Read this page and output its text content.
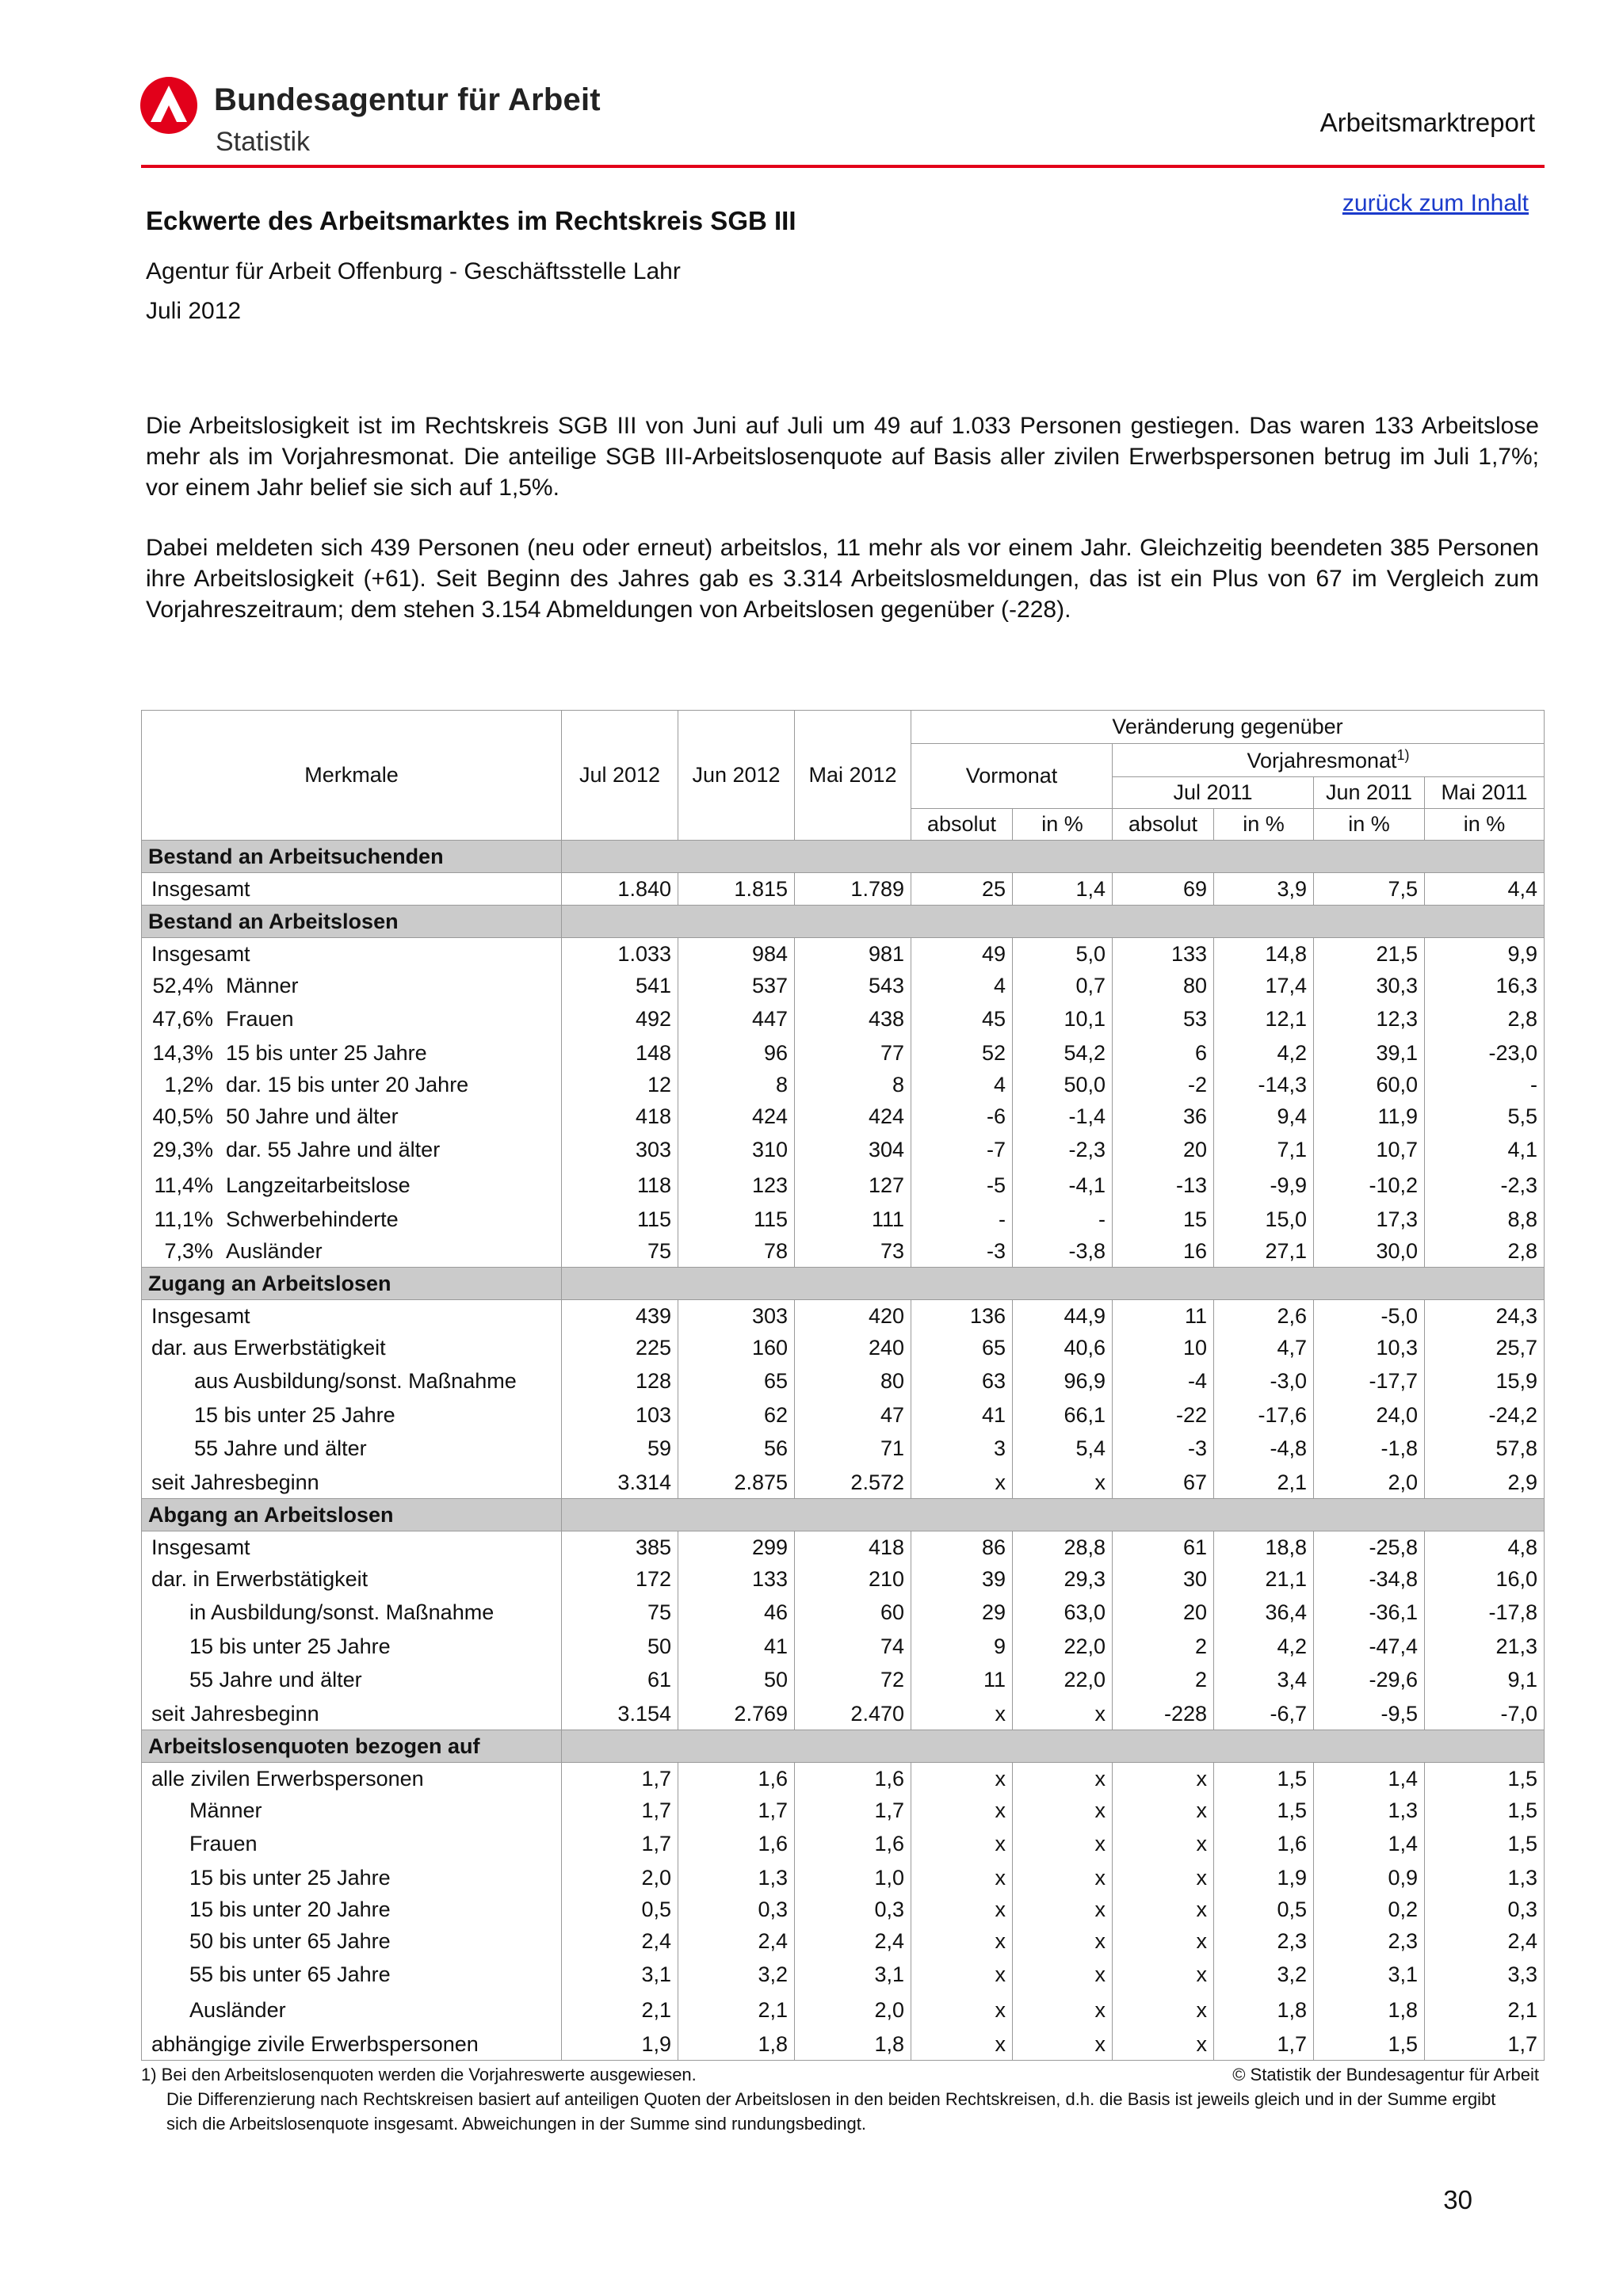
Bundesagentur für Arbeit
Statistik
Arbeitsmarktreport
zurück zum Inhalt
Eckwerte des Arbeitsmarktes im Rechtskreis SGB III
Agentur für Arbeit Offenburg - Geschäftsstelle Lahr
Juli 2012
Die Arbeitslosigkeit ist im Rechtskreis SGB III von Juni auf Juli um 49 auf 1.033 Personen gestiegen. Das waren 133 Arbeitslose mehr als im Vorjahresmonat. Die anteilige SGB III-Arbeitslosenquote auf Basis aller zivilen Erwerbspersonen betrug im Juli 1,7%; vor einem Jahr belief sie sich auf 1,5%.
Dabei meldeten sich 439 Personen (neu oder erneut) arbeitslos, 11 mehr als vor einem Jahr. Gleichzeitig beendeten 385 Personen ihre Arbeitslosigkeit (+61). Seit Beginn des Jahres gab es 3.314 Arbeitslosmeldungen, das ist ein Plus von 67 im Vergleich zum Vorjahreszeitraum; dem stehen 3.154 Abmeldungen von Arbeitslosen gegenüber (-228).
Merkmale	Jul 2012	Jun 2012	Mai 2012	Veränderung gegenüber					
				Vormonat		Vorjahresmonat$^{1)}$
						Jul 2011		Jun 2011	Mai 2011
				absolut	in %	absolut	in %	in %	in %
Bestand an Arbeitsuchenden									
Insgesamt	1.840	1.815	1.789	25	1,4	69	3,9	7,5	4,4
Bestand an Arbeitslosen									
Insgesamt	1.033	984	981	49	5,0	133	14,8	21,5	9,9
52,4% Männer	541	537	543	4	0,7	80	17,4	30,3	16,3
47,6% Frauen	492	447	438	45	10,1	53	12,1	12,3	2,8
14,3% 15 bis unter 25 Jahre	148	96	77	52	54,2	6	4,2	39,1	-23,0
1,2% dar. 15 bis unter 20 Jahre	12	8	8	4	50,0	-2	-14,3	60,0	-
40,5% 50 Jahre und älter	418	424	424	-6	-1,4	36	9,4	11,9	5,5
29,3% dar. 55 Jahre und älter	303	310	304	-7	-2,3	20	7,1	10,7	4,1
11,4% Langzeitarbeitslose	118	123	127	-5	-4,1	-13	-9,9	-10,2	-2,3
11,1% Schwerbehinderte	115	115	111	-	-	15	15,0	17,3	8,8
7,3% Ausländer	75	78	73	-3	-3,8	16	27,1	30,0	2,8
Zugang an Arbeitslosen									
Insgesamt	439	303	420	136	44,9	11	2,6	-5,0	24,3
dar. aus Erwerbstätigkeit	225	160	240	65	40,6	10	4,7	10,3	25,7
aus Ausbildung/sonst. Maßnahme	128	65	80	63	96,9	-4	-3,0	-17,7	15,9
15 bis unter 25 Jahre	103	62	47	41	66,1	-22	-17,6	24,0	-24,2
55 Jahre und älter	59	56	71	3	5,4	-3	-4,8	-1,8	57,8
seit Jahresbeginn	3.314	2.875	2.572	x	x	67	2,1	2,0	2,9
Abgang an Arbeitslosen									
Insgesamt	385	299	418	86	28,8	61	18,8	-25,8	4,8
dar. in Erwerbstätigkeit	172	133	210	39	29,3	30	21,1	-34,8	16,0
in Ausbildung/sonst. Maßnahme	75	46	60	29	63,0	20	36,4	-36,1	-17,8
15 bis unter 25 Jahre	50	41	74	9	22,0	2	4,2	-47,4	21,3
55 Jahre und älter	61	50	72	11	22,0	2	3,4	-29,6	9,1
seit Jahresbeginn	3.154	2.769	2.470	x	x	-228	-6,7	-9,5	-7,0
Arbeitslosenquoten bezogen auf									
alle zivilen Erwerbspersonen	1,7	1,6	1,6	x	x	x	1,5	1,4	1,5
Männer	1,7	1,7	1,7	x	x	x	1,5	1,3	1,5
Frauen	1,7	1,6	1,6	x	x	x	1,6	1,4	1,5
15 bis unter 25 Jahre	2,0	1,3	1,0	x	x	x	1,9	0,9	1,3
15 bis unter 20 Jahre	0,5	0,3	0,3	x	x	x	0,5	0,2	0,3
50 bis unter 65 Jahre	2,4	2,4	2,4	x	x	x	2,3	2,3	2,4
55 bis unter 65 Jahre	3,1	3,2	3,1	x	x	x	3,2	3,1	3,3
Ausländer	2,1	2,1	2,0	x	x	x	1,8	1,8	2,1
abhängige zivile Erwerbspersonen	1,9	1,8	1,8	x	x	x	1,7	1,5	1,7
1) Bei den Arbeitslosenquoten werden die Vorjahreswerte ausgewiesen.	© Statistik der Bundesagentur für Arbeit
Die Differenzierung nach Rechtskreisen basiert auf anteiligen Quoten der Arbeitslosen in den beiden Rechtskreisen, d.h. die Basis ist jeweils gleich und in der Summe ergibt sich die Arbeitslosenquote insgesamt. Abweichungen in der Summe sind rundungsbedingt.
30
